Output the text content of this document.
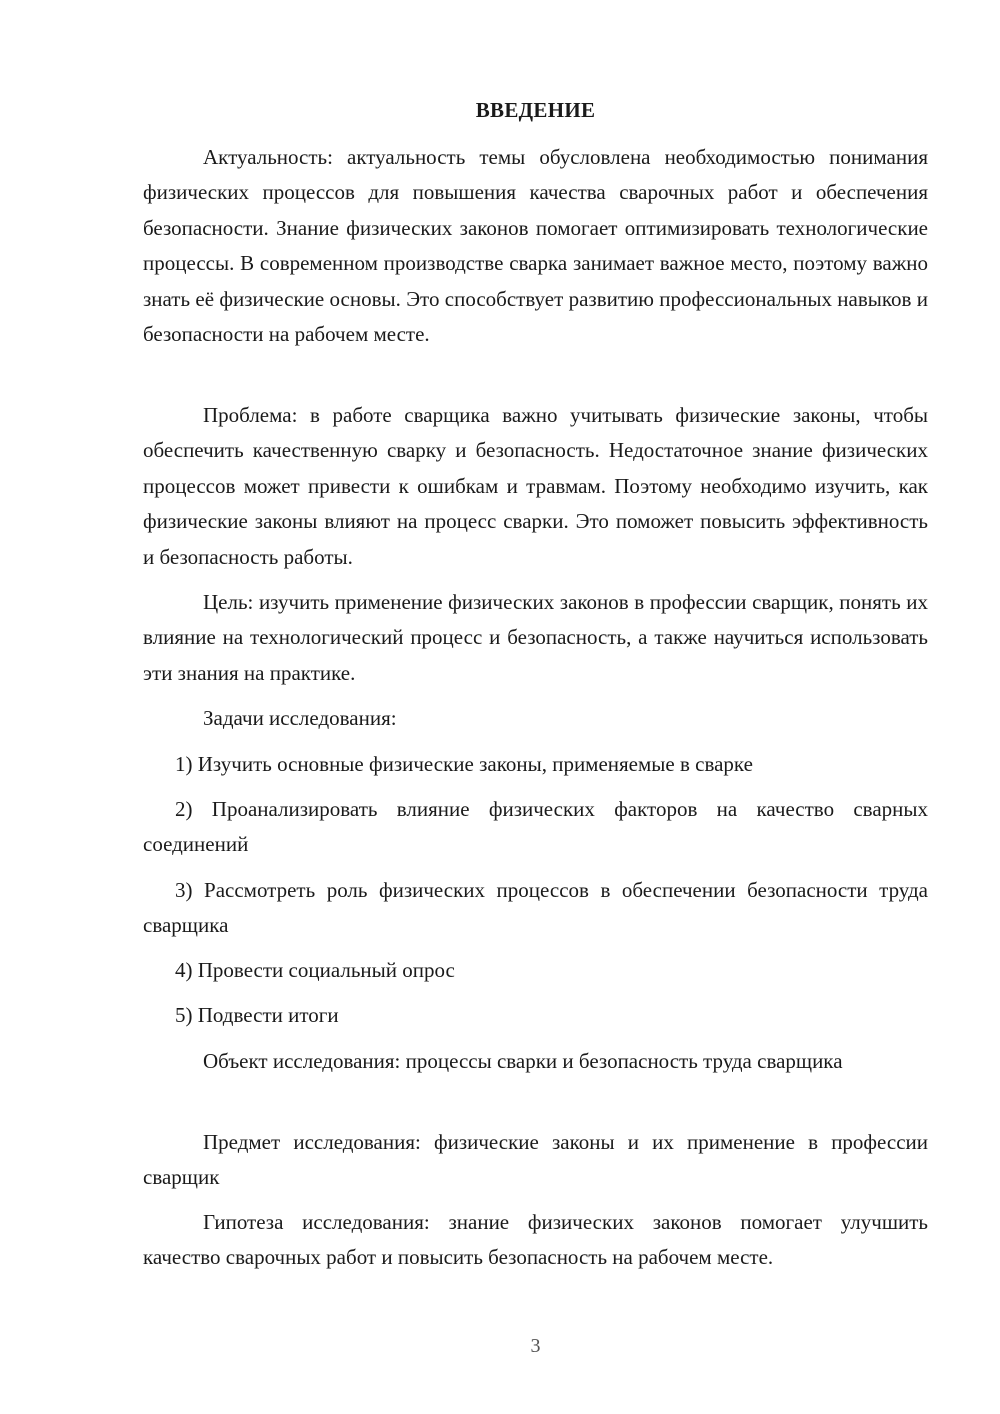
ВВЕДЕНИЕ

Актуальность: актуальность темы обусловлена необходимостью понимания физических процессов для повышения качества сварочных работ и обеспечения безопасности. Знание физических законов помогает оптимизировать технологические процессы. В современном производстве сварка занимает важное место, поэтому важно знать её физические основы. Это способствует развитию профессиональных навыков и безопасности на рабочем месте.

Проблема: в работе сварщика важно учитывать физические законы, чтобы обеспечить качественную сварку и безопасность. Недостаточное знание физических процессов может привести к ошибкам и травмам. Поэтому необходимо изучить, как физические законы влияют на процесс сварки. Это поможет повысить эффективность и безопасность работы.

Цель: изучить применение физических законов в профессии сварщик, понять их влияние на технологический процесс и безопасность, а также научиться использовать эти знания на практике.

Задачи исследования:

1) Изучить основные физические законы, применяемые в сварке

2) Проанализировать влияние физических факторов на качество сварных соединений

3) Рассмотреть роль физических процессов в обеспечении безопасности труда сварщика

4) Провести социальный опрос

5) Подвести итоги

Объект исследования: процессы сварки и безопасность труда сварщика

Предмет исследования: физические законы и их применение в профессии сварщик

Гипотеза исследования: знание физических законов помогает улучшить качество сварочных работ и повысить безопасность на рабочем месте.

3
